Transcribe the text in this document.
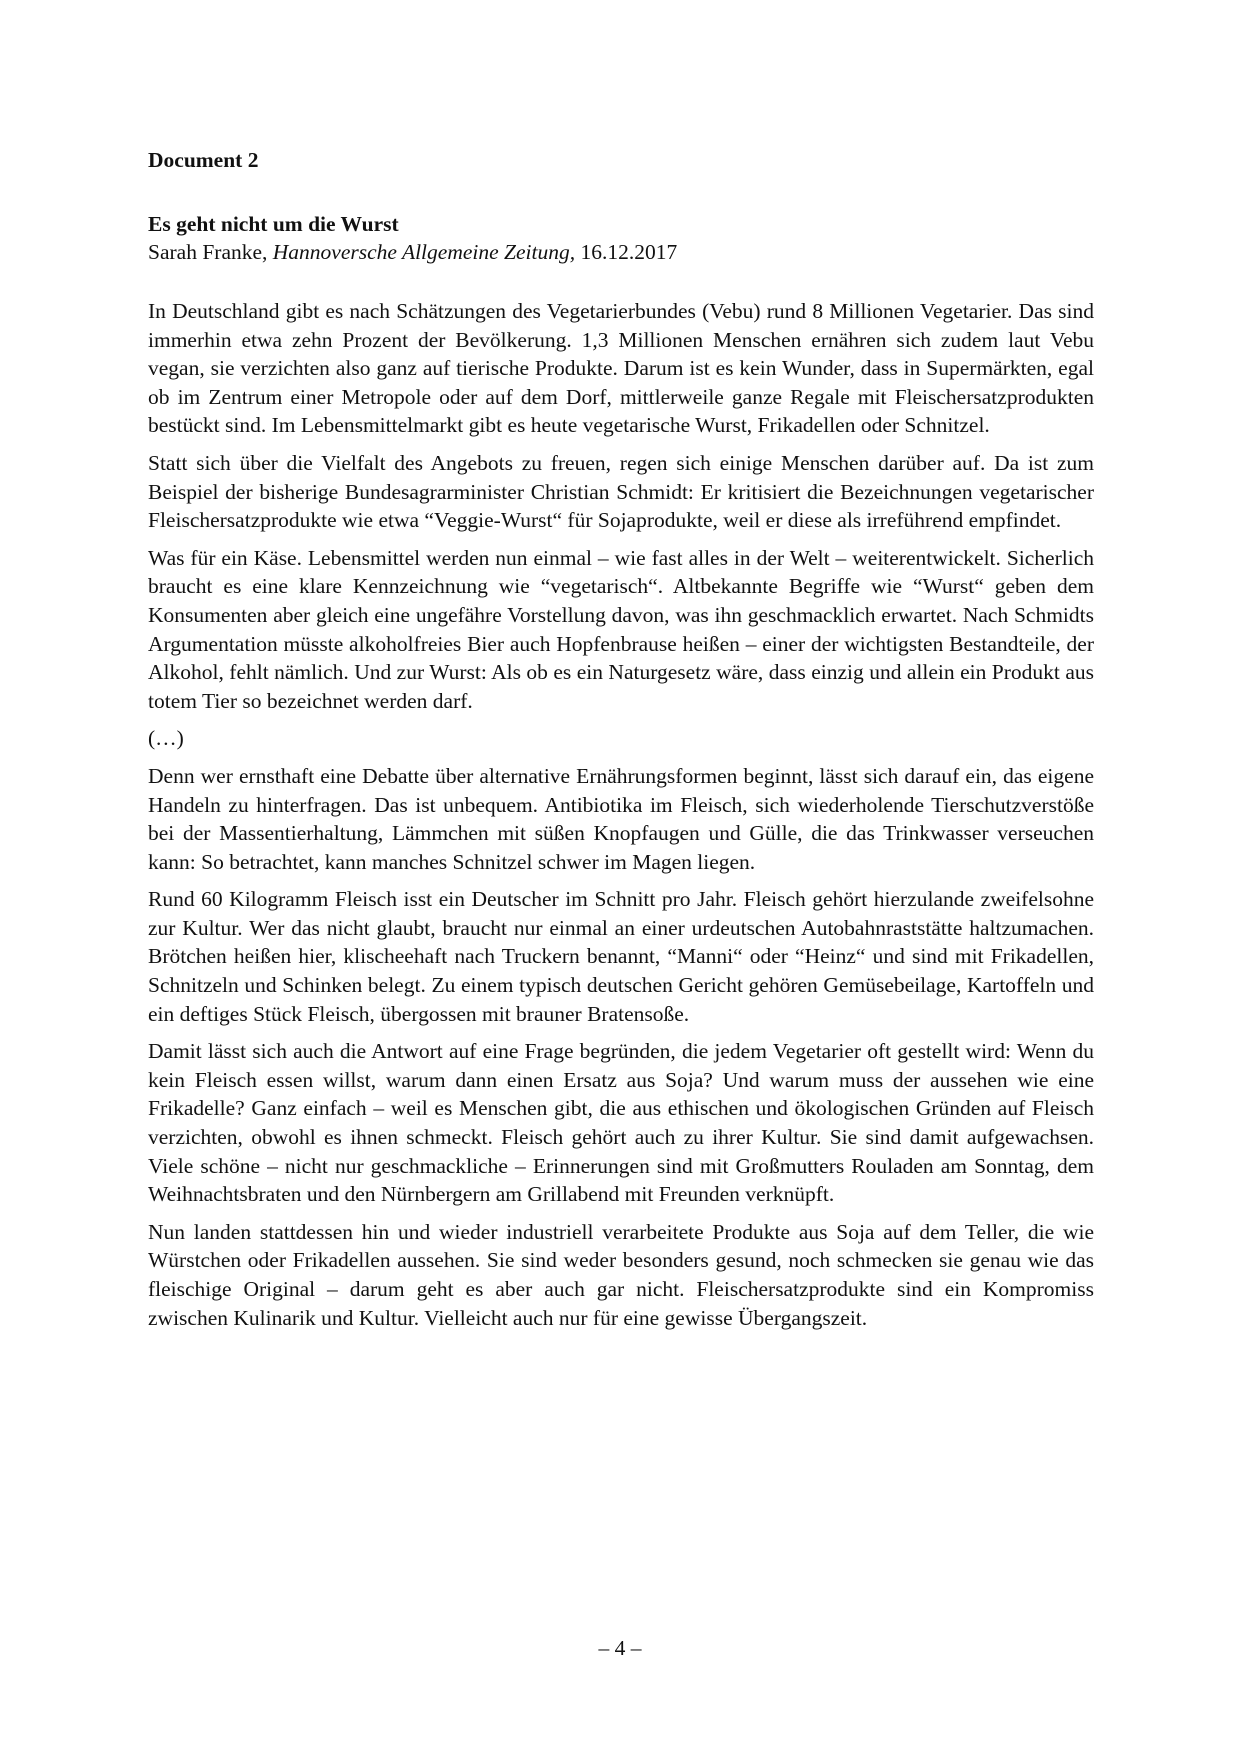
Document 2

Es geht nicht um die Wurst

Sarah Franke, Hannoversche Allgemeine Zeitung, 16.12.2017

In Deutschland gibt es nach Schätzungen des Vegetarierbundes (Vebu) rund 8 Millionen Vegetarier. Das sind immerhin etwa zehn Prozent der Bevölkerung. 1,3 Millionen Menschen ernähren sich zudem laut Vebu vegan, sie verzichten also ganz auf tierische Produkte. Darum ist es kein Wunder, dass in Supermärkten, egal ob im Zentrum einer Metropole oder auf dem Dorf, mittlerweile ganze Regale mit Fleischersatzprodukten bestückt sind. Im Lebensmittelmarkt gibt es heute vegetarische Wurst, Frikadellen oder Schnitzel.

Statt sich über die Vielfalt des Angebots zu freuen, regen sich einige Menschen darüber auf. Da ist zum Beispiel der bisherige Bundesagrarminister Christian Schmidt: Er kritisiert die Bezeichnungen vegetarischer Fleischersatzprodukte wie etwa “Veggie-Wurst“ für Sojaprodukte, weil er diese als irreführend empfindet.

Was für ein Käse. Lebensmittel werden nun einmal – wie fast alles in der Welt – weiterentwickelt. Sicherlich braucht es eine klare Kennzeichnung wie “vegetarisch“. Altbekannte Begriffe wie “Wurst“ geben dem Konsumenten aber gleich eine ungefähre Vorstellung davon, was ihn geschmacklich erwartet. Nach Schmidts Argumentation müsste alkoholfreies Bier auch Hopfenbrause heißen – einer der wichtigsten Bestandteile, der Alkohol, fehlt nämlich. Und zur Wurst: Als ob es ein Naturgesetz wäre, dass einzig und allein ein Produkt aus totem Tier so bezeichnet werden darf.

(…)

Denn wer ernsthaft eine Debatte über alternative Ernährungsformen beginnt, lässt sich darauf ein, das eigene Handeln zu hinterfragen. Das ist unbequem. Antibiotika im Fleisch, sich wiederholende Tierschutzverstöße bei der Massentierhaltung, Lämmchen mit süßen Knopfaugen und Gülle, die das Trinkwasser verseuchen kann: So betrachtet, kann manches Schnitzel schwer im Magen liegen.

Rund 60 Kilogramm Fleisch isst ein Deutscher im Schnitt pro Jahr. Fleisch gehört hierzulande zweifelsohne zur Kultur. Wer das nicht glaubt, braucht nur einmal an einer urdeutschen Autobahnraststätte haltzumachen. Brötchen heißen hier, klischeehaft nach Truckern benannt, “Manni“ oder “Heinz“ und sind mit Frikadellen, Schnitzeln und Schinken belegt. Zu einem typisch deutschen Gericht gehören Gemüsebeilage, Kartoffeln und ein deftiges Stück Fleisch, übergossen mit brauner Bratensoße.

Damit lässt sich auch die Antwort auf eine Frage begründen, die jedem Vegetarier oft gestellt wird: Wenn du kein Fleisch essen willst, warum dann einen Ersatz aus Soja? Und warum muss der aussehen wie eine Frikadelle? Ganz einfach – weil es Menschen gibt, die aus ethischen und ökologischen Gründen auf Fleisch verzichten, obwohl es ihnen schmeckt. Fleisch gehört auch zu ihrer Kultur. Sie sind damit aufgewachsen. Viele schöne – nicht nur geschmackliche – Erinnerungen sind mit Großmutters Rouladen am Sonntag, dem Weihnachtsbraten und den Nürnbergern am Grillabend mit Freunden verknüpft.

Nun landen stattdessen hin und wieder industriell verarbeitete Produkte aus Soja auf dem Teller, die wie Würstchen oder Frikadellen aussehen. Sie sind weder besonders gesund, noch schmecken sie genau wie das fleischige Original – darum geht es aber auch gar nicht. Fleischersatzprodukte sind ein Kompromiss zwischen Kulinarik und Kultur. Vielleicht auch nur für eine gewisse Übergangszeit.

– 4 –
